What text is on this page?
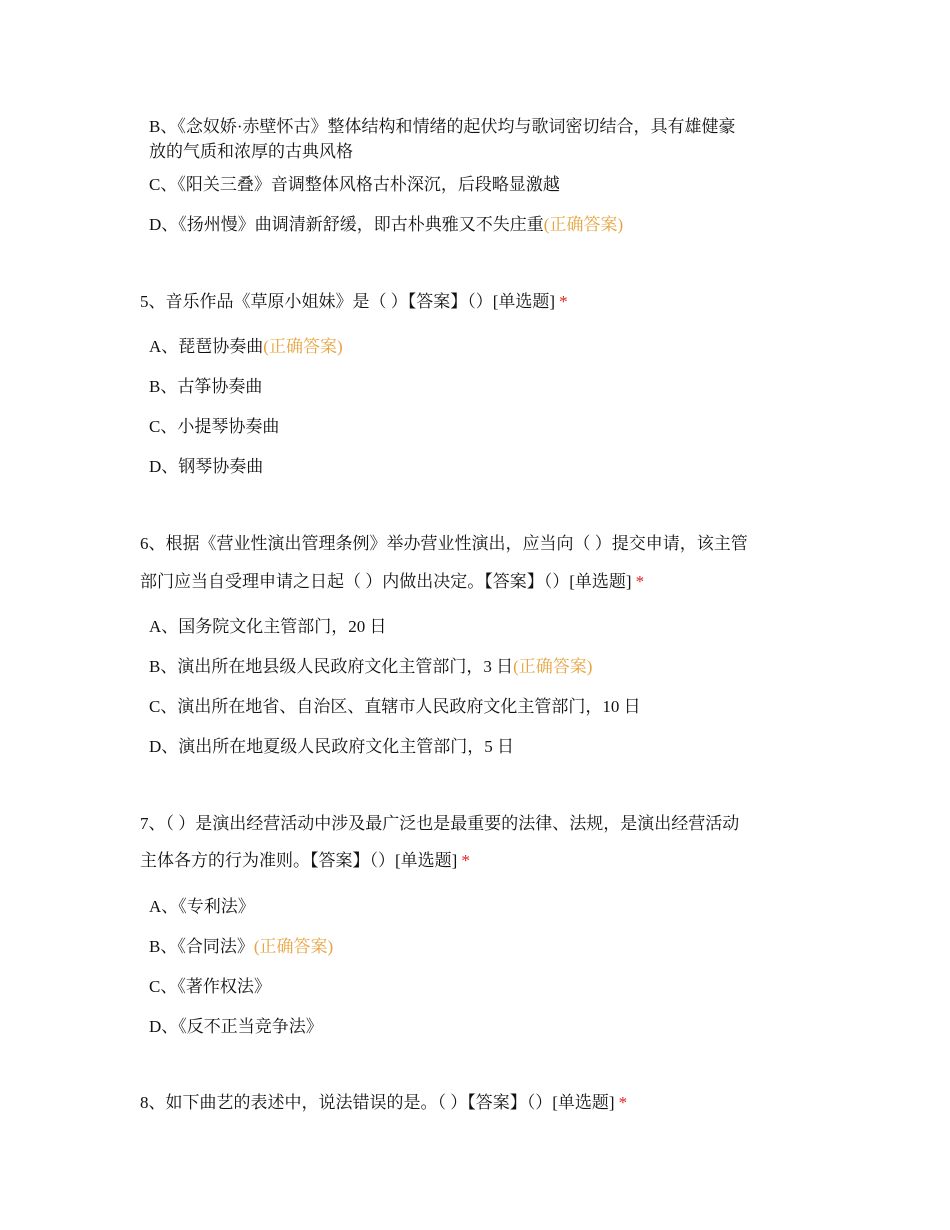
B、《念奴娇·赤壁怀古》整体结构和情绪的起伏均与歌词密切结合，具有雄健豪
放的气质和浓厚的古典风格
C、《阳关三叠》音调整体风格古朴深沉，后段略显激越
D、《扬州慢》曲调清新舒缓，即古朴典雅又不失庄重(正确答案)
5、音乐作品《草原小姐妹》是（ ）【答案】（）[单选题] *
A、琵琶协奏曲(正确答案)
B、古筝协奏曲
C、小提琴协奏曲
D、钢琴协奏曲
6、根据《营业性演出管理条例》举办营业性演出，应当向（ ）提交申请，该主管
部门应当自受理申请之日起（ ）内做出决定。【答案】（）[单选题] *
A、国务院文化主管部门，20 日
B、演出所在地县级人民政府文化主管部门，3 日(正确答案)
C、演出所在地省、自治区、直辖市人民政府文化主管部门，10 日
D、演出所在地夏级人民政府文化主管部门，5 日
7、（ ）是演出经营活动中涉及最广泛也是最重要的法律、法规，是演出经营活动
主体各方的行为准则。【答案】（）[单选题] *
A、《专利法》
B、《合同法》(正确答案)
C、《著作权法》
D、《反不正当竞争法》
8、如下曲艺的表述中，说法错误的是。（ ）【答案】（）[单选题] *
